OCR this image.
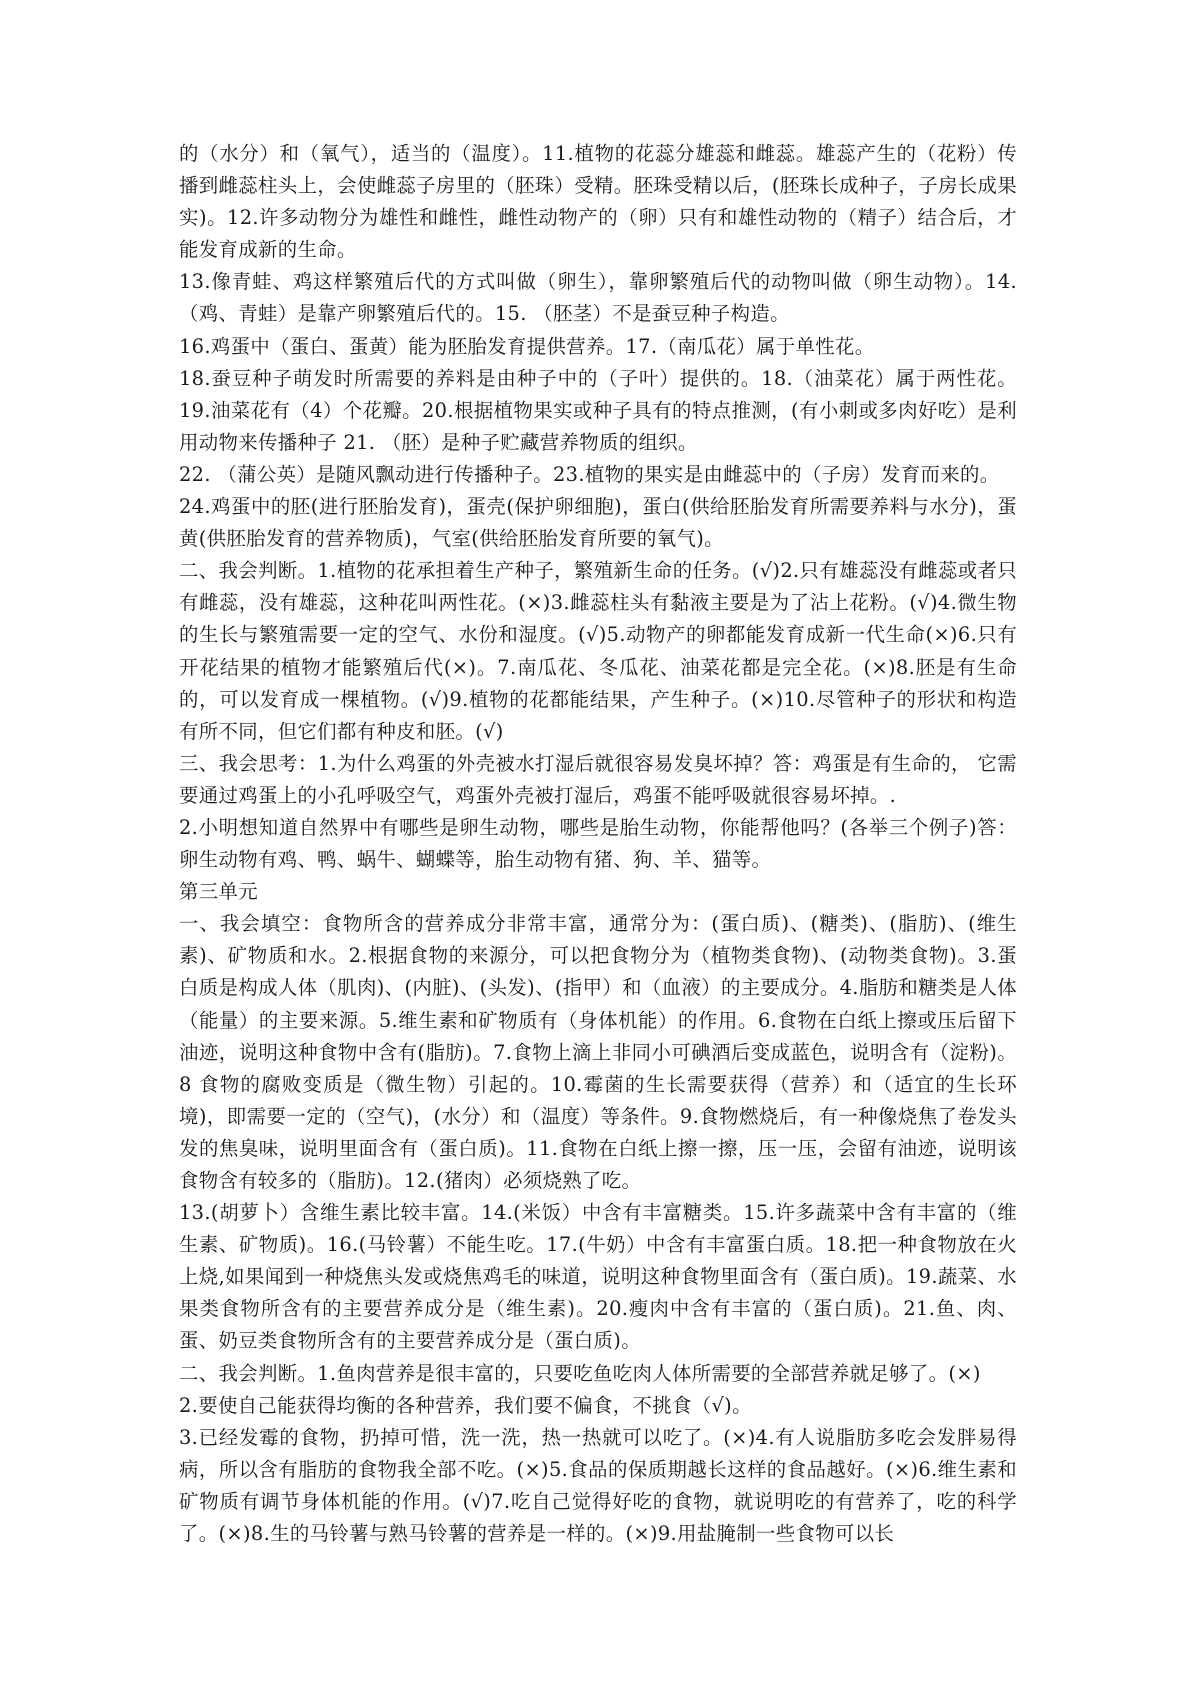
的（水分）和（氧气），适当的（温度）。11.植物的花蕊分雄蕊和雌蕊。雄蕊产生的（花粉）传播到雌蕊柱头上，会使雌蕊子房里的（胚珠）受精。胚珠受精以后，(胚珠长成种子，子房长成果实)。12.许多动物分为雄性和雌性，雌性动物产的（卵）只有和雄性动物的（精子）结合后，才能发育成新的生命。

13.像青蛙、鸡这样繁殖后代的方式叫做（卵生），靠卵繁殖后代的动物叫做（卵生动物）。14.（鸡、青蛙）是靠产卵繁殖后代的。15. （胚茎）不是蚕豆种子构造。

16.鸡蛋中（蛋白、蛋黄）能为胚胎发育提供营养。17.（南瓜花）属于单性花。

18.蚕豆种子萌发时所需要的养料是由种子中的（子叶）提供的。18.（油菜花）属于两性花。19.油菜花有（4）个花瓣。20.根据植物果实或种子具有的特点推测，(有小刺或多肉好吃）是利用动物来传播种子 21. （胚）是种子贮藏营养物质的组织。

22. （蒲公英）是随风飘动进行传播种子。23.植物的果实是由雌蕊中的（子房）发育而来的。

24.鸡蛋中的胚(进行胚胎发育)，蛋壳(保护卵细胞)，蛋白(供给胚胎发育所需要养料与水分)，蛋黄(供胚胎发育的营养物质)，气室(供给胚胎发育所要的氧气)。

二、我会判断。1.植物的花承担着生产种子，繁殖新生命的任务。(√)2.只有雄蕊没有雌蕊或者只有雌蕊，没有雄蕊，这种花叫两性花。(×)3.雌蕊柱头有黏液主要是为了沾上花粉。(√)4.微生物的生长与繁殖需要一定的空气、水份和湿度。(√)5.动物产的卵都能发育成新一代生命(×)6.只有开花结果的植物才能繁殖后代(×)。7.南瓜花、冬瓜花、油菜花都是完全花。(×)8.胚是有生命的，可以发育成一棵植物。(√)9.植物的花都能结果，产生种子。(×)10.尽管种子的形状和构造有所不同，但它们都有种皮和胚。(√)

三、我会思考：1.为什么鸡蛋的外壳被水打湿后就很容易发臭坏掉？答：鸡蛋是有生命的， 它需要通过鸡蛋上的小孔呼吸空气，鸡蛋外壳被打湿后，鸡蛋不能呼吸就很容易坏掉。.

2.小明想知道自然界中有哪些是卵生动物，哪些是胎生动物，你能帮他吗？(各举三个例子)答：卵生动物有鸡、鸭、蜗牛、蝴蝶等，胎生动物有猪、狗、羊、猫等。

第三单元

一、我会填空：食物所含的营养成分非常丰富，通常分为：(蛋白质)、(糖类)、(脂肪)、(维生素)、矿物质和水。2.根据食物的来源分，可以把食物分为（植物类食物)、(动物类食物)。3.蛋白质是构成人体（肌肉)、(内脏)、(头发)、(指甲）和（血液）的主要成分。4.脂肪和糖类是人体（能量）的主要来源。5.维生素和矿物质有（身体机能）的作用。6.食物在白纸上擦或压后留下油迹，说明这种食物中含有(脂肪)。7.食物上滴上非同小可碘酒后变成蓝色，说明含有（淀粉)。8 食物的腐败变质是（微生物）引起的。10.霉菌的生长需要获得（营养）和（适宜的生长环境)，即需要一定的（空气)，(水分）和（温度）等条件。9.食物燃烧后，有一种像烧焦了卷发头发的焦臭味，说明里面含有（蛋白质)。11.食物在白纸上擦一擦，压一压，会留有油迹，说明该食物含有较多的（脂肪)。12.(猪肉）必须烧熟了吃。

13.(胡萝卜）含维生素比较丰富。14.(米饭）中含有丰富糖类。15.许多蔬菜中含有丰富的（维生素、矿物质)。16.(马铃薯）不能生吃。17.(牛奶）中含有丰富蛋白质。18.把一种食物放在火上烧,如果闻到一种烧焦头发或烧焦鸡毛的味道，说明这种食物里面含有（蛋白质)。19.蔬菜、水果类食物所含有的主要营养成分是（维生素)。20.瘦肉中含有丰富的（蛋白质)。21.鱼、肉、蛋、奶豆类食物所含有的主要营养成分是（蛋白质)。

二、我会判断。1.鱼肉营养是很丰富的，只要吃鱼吃肉人体所需要的全部营养就足够了。(×)

2.要使自己能获得均衡的各种营养，我们要不偏食，不挑食（√)。

3.已经发霉的食物，扔掉可惜，洗一洗，热一热就可以吃了。(×)4.有人说脂肪多吃会发胖易得病，所以含有脂肪的食物我全部不吃。(×)5.食品的保质期越长这样的食品越好。(×)6.维生素和矿物质有调节身体机能的作用。(√)7.吃自己觉得好吃的食物，就说明吃的有营养了，吃的科学了。(×)8.生的马铃薯与熟马铃薯的营养是一样的。(×)9.用盐腌制一些食物可以长
